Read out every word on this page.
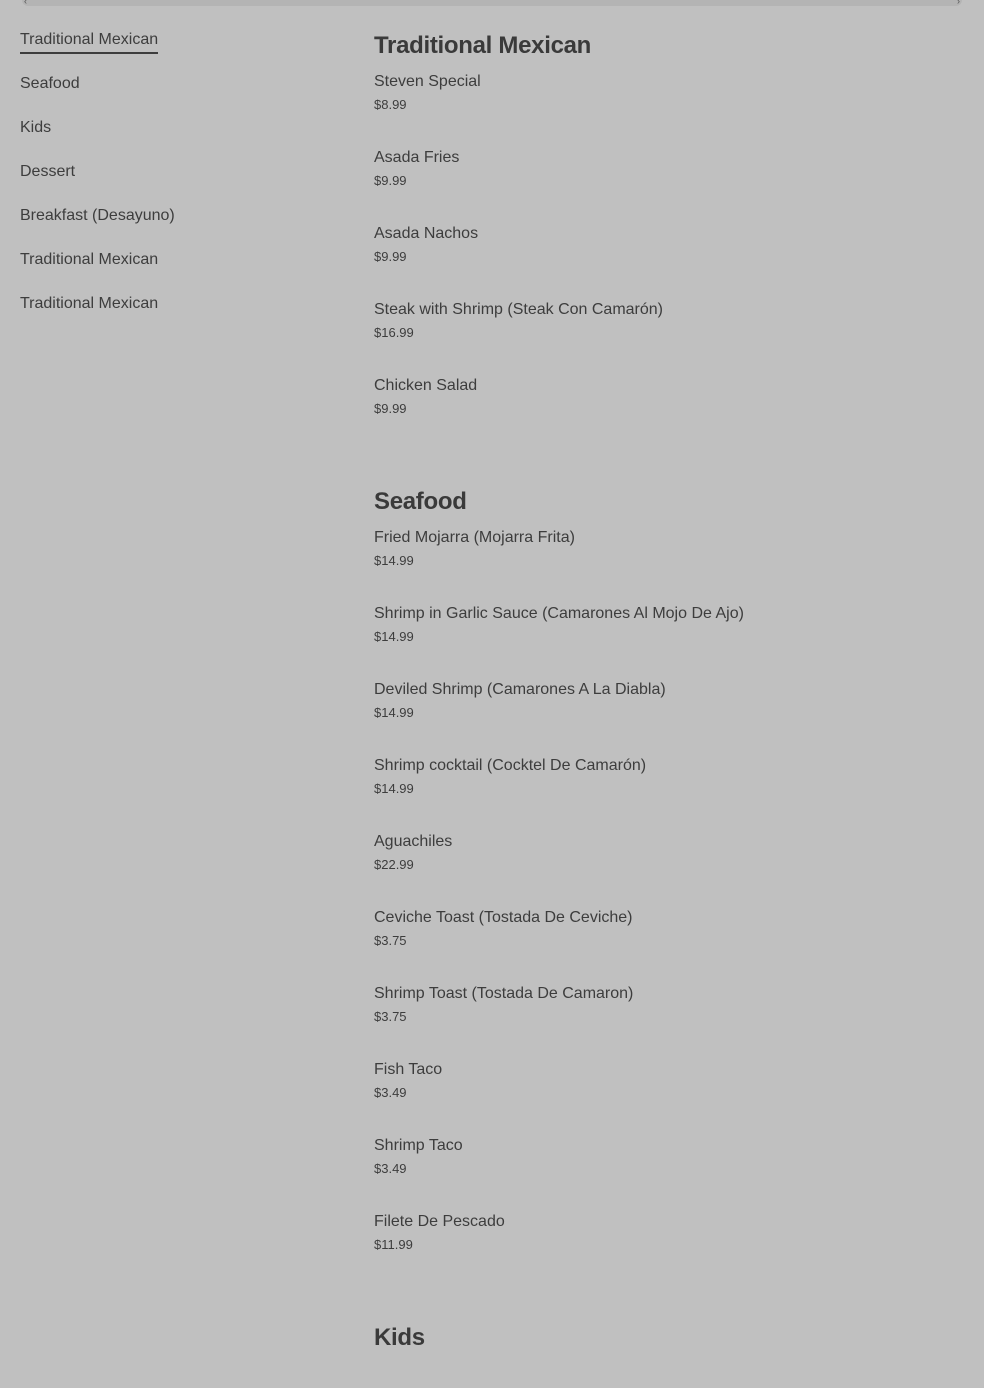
‹	›
Traditional Mexican
Seafood
Kids
Dessert
Breakfast (Desayuno)
Traditional Mexican
Traditional Mexican
Traditional Mexican
Steven Special
$8.99
Asada Fries
$9.99
Asada Nachos
$9.99
Steak with Shrimp (Steak Con Camarón)
$16.99
Chicken Salad
$9.99
Seafood
Fried Mojarra (Mojarra Frita)
$14.99
Shrimp in Garlic Sauce (Camarones Al Mojo De Ajo)
$14.99
Deviled Shrimp (Camarones A La Diabla)
$14.99
Shrimp cocktail (Cocktel De Camarón)
$14.99
Aguachiles
$22.99
Ceviche Toast (Tostada De Ceviche)
$3.75
Shrimp Toast (Tostada De Camaron)
$3.75
Fish Taco
$3.49
Shrimp Taco
$3.49
Filete De Pescado
$11.99
Kids
